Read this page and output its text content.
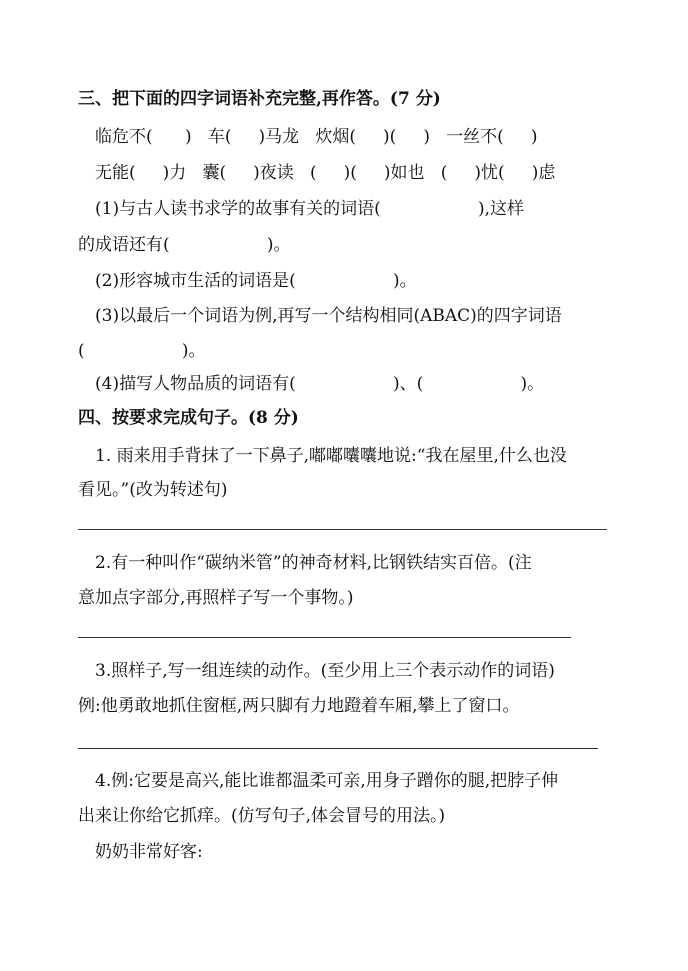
三、把下面的四字词语补充完整,再作答。(7 分)
临危不(      )   车(     )马龙   炊烟(     )(     )   一丝不(     )
无能(     )力   囊(     )夜读   (     )(     )如也   (     )忧(     )虑
(1)与古人读书求学的故事有关的词语(                  ),这样
的成语还有(                  )。
(2)形容城市生活的词语是(                  )。
(3)以最后一个词语为例,再写一个结构相同(ABAC)的四字词语
(                  )。
(4)描写人物品质的词语有(                  )、(                  )。
四、按要求完成句子。(8 分)
1. 雨来用手背抹了一下鼻子,嘟嘟囔囔地说:“我在屋里,什么也没
看见。”(改为转述句)
2.有一种叫作“碳纳米管”的神奇材料,比钢铁结实百倍。(注
意加点字部分,再照样子写一个事物。)
3.照样子,写一组连续的动作。(至少用上三个表示动作的词语)
例:他勇敢地抓住窗框,两只脚有力地蹬着车厢,攀上了窗口。
4.例:它要是高兴,能比谁都温柔可亲,用身子蹭你的腿,把脖子伸
出来让你给它抓痒。(仿写句子,体会冒号的用法。)
奶奶非常好客:
